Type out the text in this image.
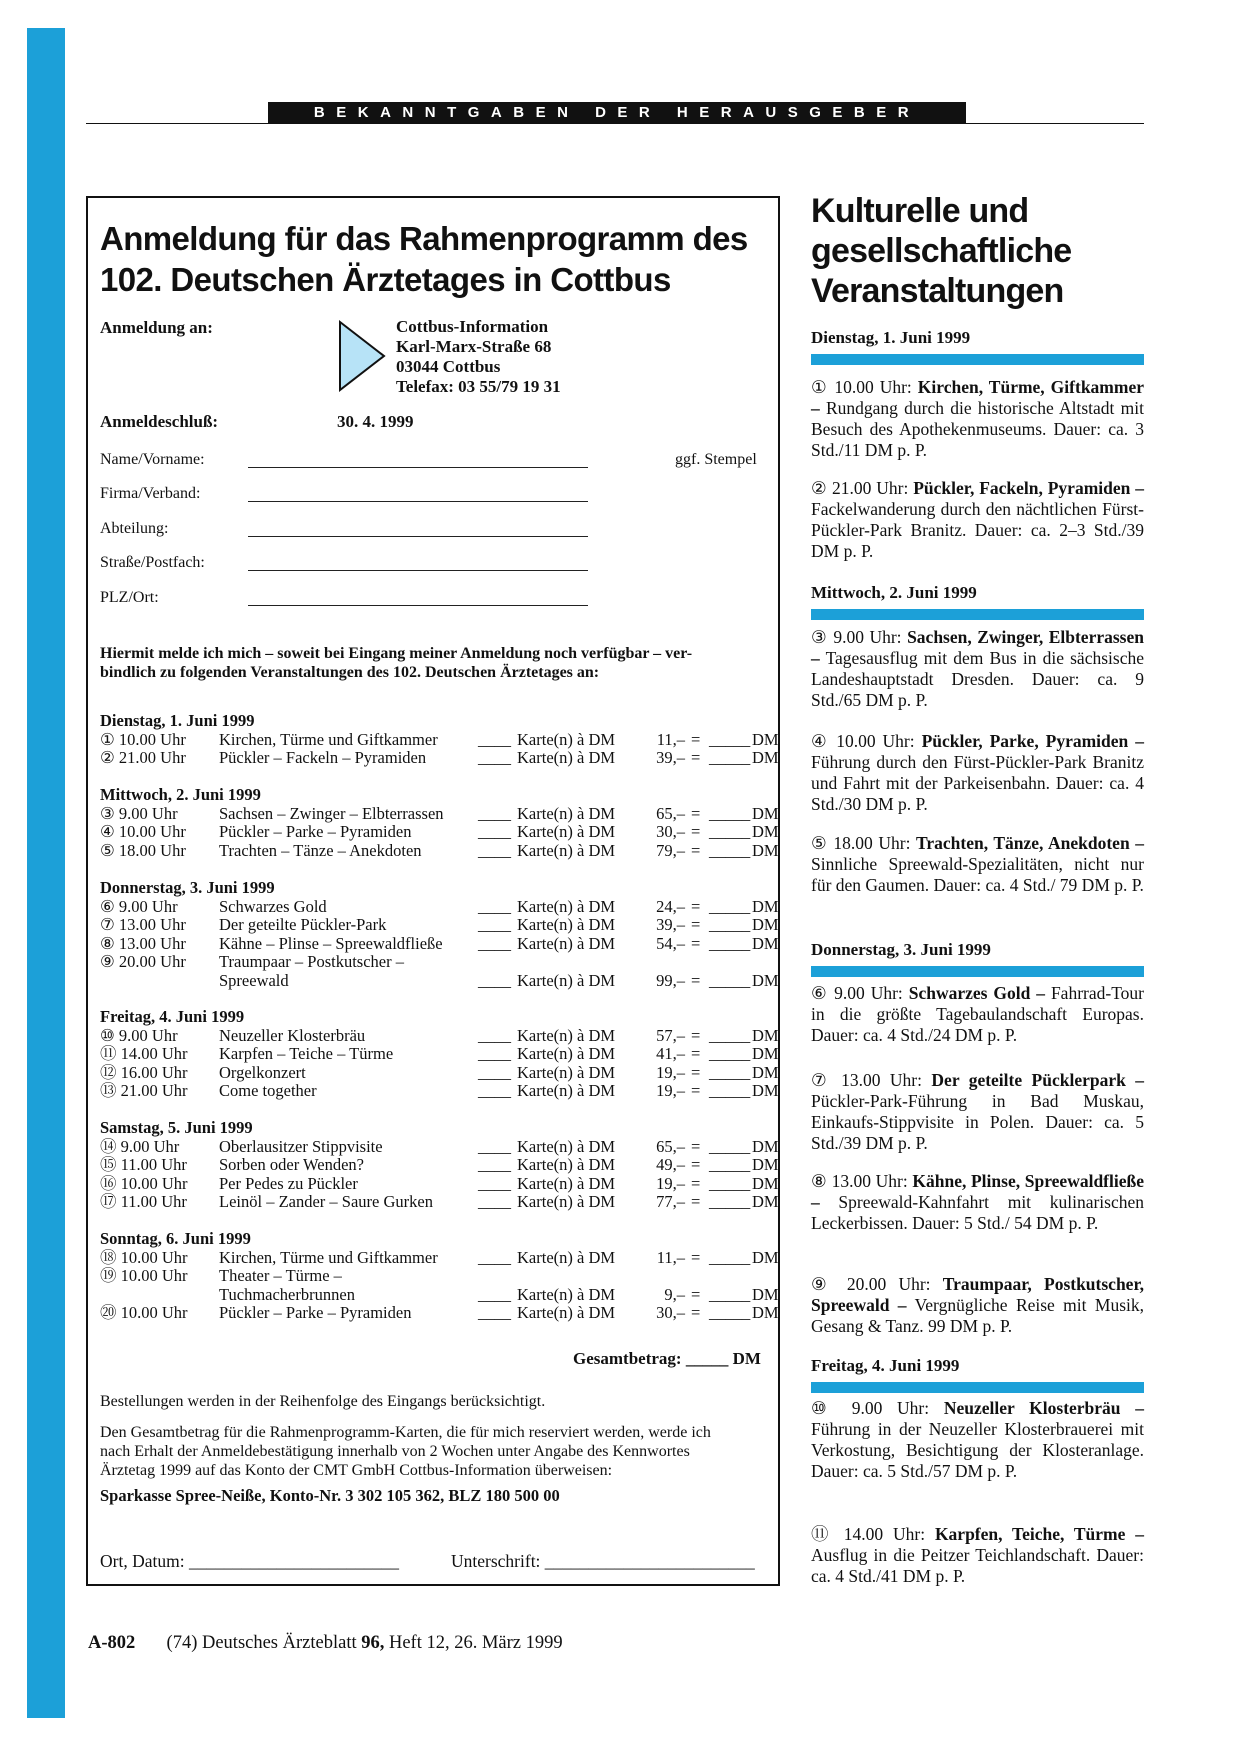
BEKANNTGABEN DER HERAUSGEBER
Anmeldung für das Rahmenprogramm des
102. Deutschen Ärztetages in Cottbus
Anmeldung an:	Cottbus-Information
Karl-Marx-Straße 68
03044 Cottbus
Telefax: 03 55/79 19 31
Anmeldeschluß:	30. 4. 1999
Name/Vorname:	ggf. Stempel
Firma/Verband:
Abteilung:
Straße/Postfach:
PLZ/Ort:
Hiermit melde ich mich – soweit bei Eingang meiner Anmeldung noch verfügbar – ver-
bindlich zu folgenden Veranstaltungen des 102. Deutschen Ärztetages an:
Dienstag, 1. Juni 1999
① 10.00 Uhr Kirchen, Türme und Giftkammer ____ Karte(n) à DM	11,– = _____ DM
② 21.00 Uhr Pückler – Fackeln – Pyramiden	____ Karte(n) à DM	39,– = _____ DM
Mittwoch, 2. Juni 1999
③ 9.00 Uhr	Sachsen – Zwinger – Elbterrassen ____ Karte(n) à DM	65,– = _____ DM
④ 10.00 Uhr Pückler – Parke – Pyramiden	____ Karte(n) à DM	30,– = _____ DM
⑤ 18.00 Uhr Trachten – Tänze – Anekdoten	____ Karte(n) à DM	79,– = _____ DM
Donnerstag, 3. Juni 1999
⑥ 9.00 Uhr	Schwarzes Gold	____ Karte(n) à DM	24,– = _____ DM
⑦ 13.00 Uhr Der geteilte Pückler-Park	____ Karte(n) à DM	39,– = _____ DM
⑧ 13.00 Uhr Kähne – Plinse – Spreewaldfließe ____ Karte(n) à DM	54,– = _____ DM
⑨ 20.00 Uhr Traumpaar – Postkutscher –
Spreewald	____ Karte(n) à DM	99,– = _____ DM
Freitag, 4. Juni 1999
⑩ 9.00 Uhr	Neuzeller Klosterbräu	____ Karte(n) à DM	57,– = _____ DM
⑪ 14.00 Uhr Karpfen – Teiche – Türme	____ Karte(n) à DM	41,– = _____ DM
⑫ 16.00 Uhr Orgelkonzert	____ Karte(n) à DM	19,– = _____ DM
⑬ 21.00 Uhr Come together	____ Karte(n) à DM	19,– = _____ DM
Samstag, 5. Juni 1999
⑭ 9.00 Uhr Oberlausitzer Stippvisite	____ Karte(n) à DM	65,– = _____ DM
⑮ 11.00 Uhr Sorben oder Wenden?	____ Karte(n) à DM	49,– = _____ DM
⑯ 10.00 Uhr Per Pedes zu Pückler	____ Karte(n) à DM	19,– = _____ DM
⑰ 11.00 Uhr Leinöl – Zander – Saure Gurken	____ Karte(n) à DM	77,– = _____ DM
Sonntag, 6. Juni 1999
⑱ 10.00 Uhr Kirchen, Türme und Giftkammer ____ Karte(n) à DM	11,– = _____ DM
⑲ 10.00 Uhr Theater – Türme –
Tuchmacherbrunnen	____ Karte(n) à DM	9,– = _____ DM
⑳ 10.00 Uhr Pückler – Parke – Pyramiden	____ Karte(n) à DM	30,– = _____ DM
Gesamtbetrag: _____ DM
Bestellungen werden in der Reihenfolge des Eingangs berücksichtigt.
Den Gesamtbetrag für die Rahmenprogramm-Karten, die für mich reserviert werden, werde ich
nach Erhalt der Anmeldebestätigung innerhalb von 2 Wochen unter Angabe des Kennwortes
Ärztetag 1999 auf das Konto der CMT GmbH Cottbus-Information überweisen:
Sparkasse Spree-Neiße, Konto-Nr. 3 302 105 362, BLZ 180 500 00
Ort, Datum: ________________________	Unterschrift: ________________________
Kulturelle und
gesellschaftliche
Veranstaltungen
Dienstag, 1. Juni 1999
① 10.00 Uhr: Kirchen, Türme, Giftkammer – Rundgang durch die historische Altstadt mit Besuch des Apothekenmuseums. Dauer: ca. 3 Std./11 DM p. P.
② 21.00 Uhr: Pückler, Fackeln, Pyramiden – Fackelwanderung durch den nächtlichen Fürst-Pückler-Park Branitz. Dauer: ca. 2–3 Std./39 DM p. P.
Mittwoch, 2. Juni 1999
③ 9.00 Uhr: Sachsen, Zwinger, Elbterrassen – Tagesausflug mit dem Bus in die sächsische Landeshauptstadt Dresden. Dauer: ca. 9 Std./65 DM p. P.
④ 10.00 Uhr: Pückler, Parke, Pyramiden – Führung durch den Fürst-Pückler-Park Branitz und Fahrt mit der Parkeisenbahn. Dauer: ca. 4 Std./30 DM p. P.
⑤ 18.00 Uhr: Trachten, Tänze, Anekdoten – Sinnliche Spreewald-Spezialitäten, nicht nur für den Gaumen. Dauer: ca. 4 Std./ 79 DM p. P.
Donnerstag, 3. Juni 1999
⑥ 9.00 Uhr: Schwarzes Gold – Fahrrad-Tour in die größte Tagebaulandschaft Europas. Dauer: ca. 4 Std./24 DM p. P.
⑦ 13.00 Uhr: Der geteilte Pücklerpark – Pückler-Park-Führung in Bad Muskau, Einkaufs-Stippvisite in Polen. Dauer: ca. 5 Std./39 DM p. P.
⑧ 13.00 Uhr: Kähne, Plinse, Spreewaldfließe – Spreewald-Kahnfahrt mit kulinarischen Leckerbissen. Dauer: 5 Std./ 54 DM p. P.
⑨ 20.00 Uhr: Traumpaar, Postkutscher, Spreewald – Vergnügliche Reise mit Musik, Gesang & Tanz. 99 DM p. P.
Freitag, 4. Juni 1999
⑩ 9.00 Uhr: Neuzeller Klosterbräu – Führung in der Neuzeller Klosterbrauerei mit Verkostung, Besichtigung der Klosteranlage. Dauer: ca. 5 Std./57 DM p. P.
⑪ 14.00 Uhr: Karpfen, Teiche, Türme – Ausflug in die Peitzer Teichlandschaft. Dauer: ca. 4 Std./41 DM p. P.
A-802 (74) Deutsches Ärzteblatt 96, Heft 12, 26. März 1999
